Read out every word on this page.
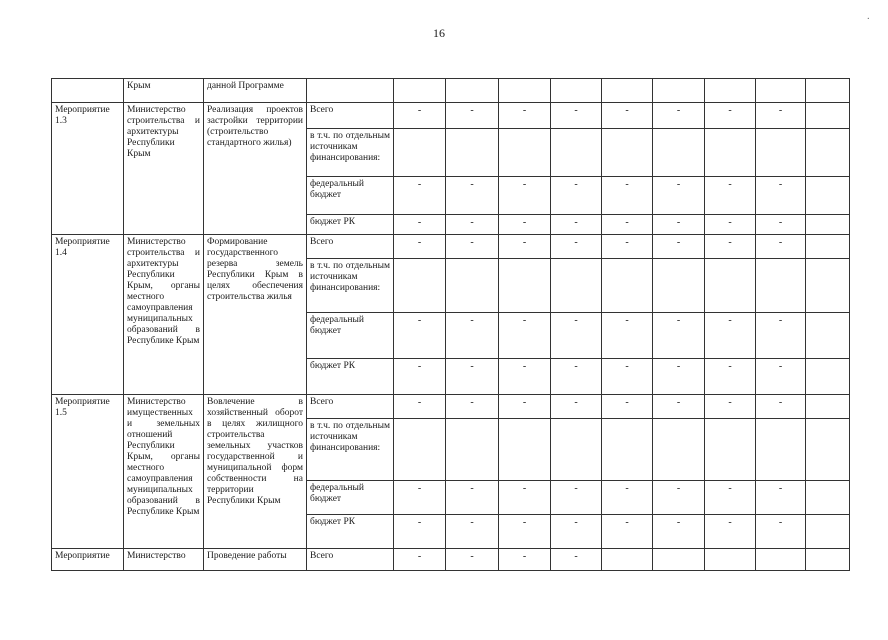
16
·
	Крым	данной Программе										
Мероприятие 1.3	Министерство строительства и архитектуры Республики Крым	Реализация проектов застройки территории (строительство стандартного жилья)	Всего	-	-	-	-	-	-	-	-	
			в т.ч. по отдельным источникам финансирования:									
			федеральный бюджет	-	-	-	-	-	-	-	-	
			бюджет РК	-	-	-	-	-	-	-	-	
Мероприятие 1.4	Министерство строительства и архитектуры Республики Крым, органы местного самоуправления муниципальных образований в Республике Крым	Формирование государственного резерва земель Республики Крым в целях обеспечения строительства жилья	Всего	-	-	-	-	-	-	-	-	
			в т.ч. по отдельным источникам финансирования:									
			федеральный бюджет	-	-	-	-	-	-	-	-	
			бюджет РК	-	-	-	-	-	-	-	-	
Мероприятие 1.5	Министерство имущественных и земельных отношений Республики Крым, органы местного самоуправления муниципальных образований в Республике Крым	Вовлечение в хозяйственный оборот в целях жилищного строительства земельных участков государственной и муниципальной форм собственности на территории Республики Крым	Всего	-	-	-	-	-	-	-	-	
			в т.ч. по отдельным источникам финансирования:									
			федеральный бюджет	-	-	-	-	-	-	-	-	
			бюджет РК	-	-	-	-	-	-	-	-	
Мероприятие	Министерство	Проведение работы	Всего	-	-	-	-					
